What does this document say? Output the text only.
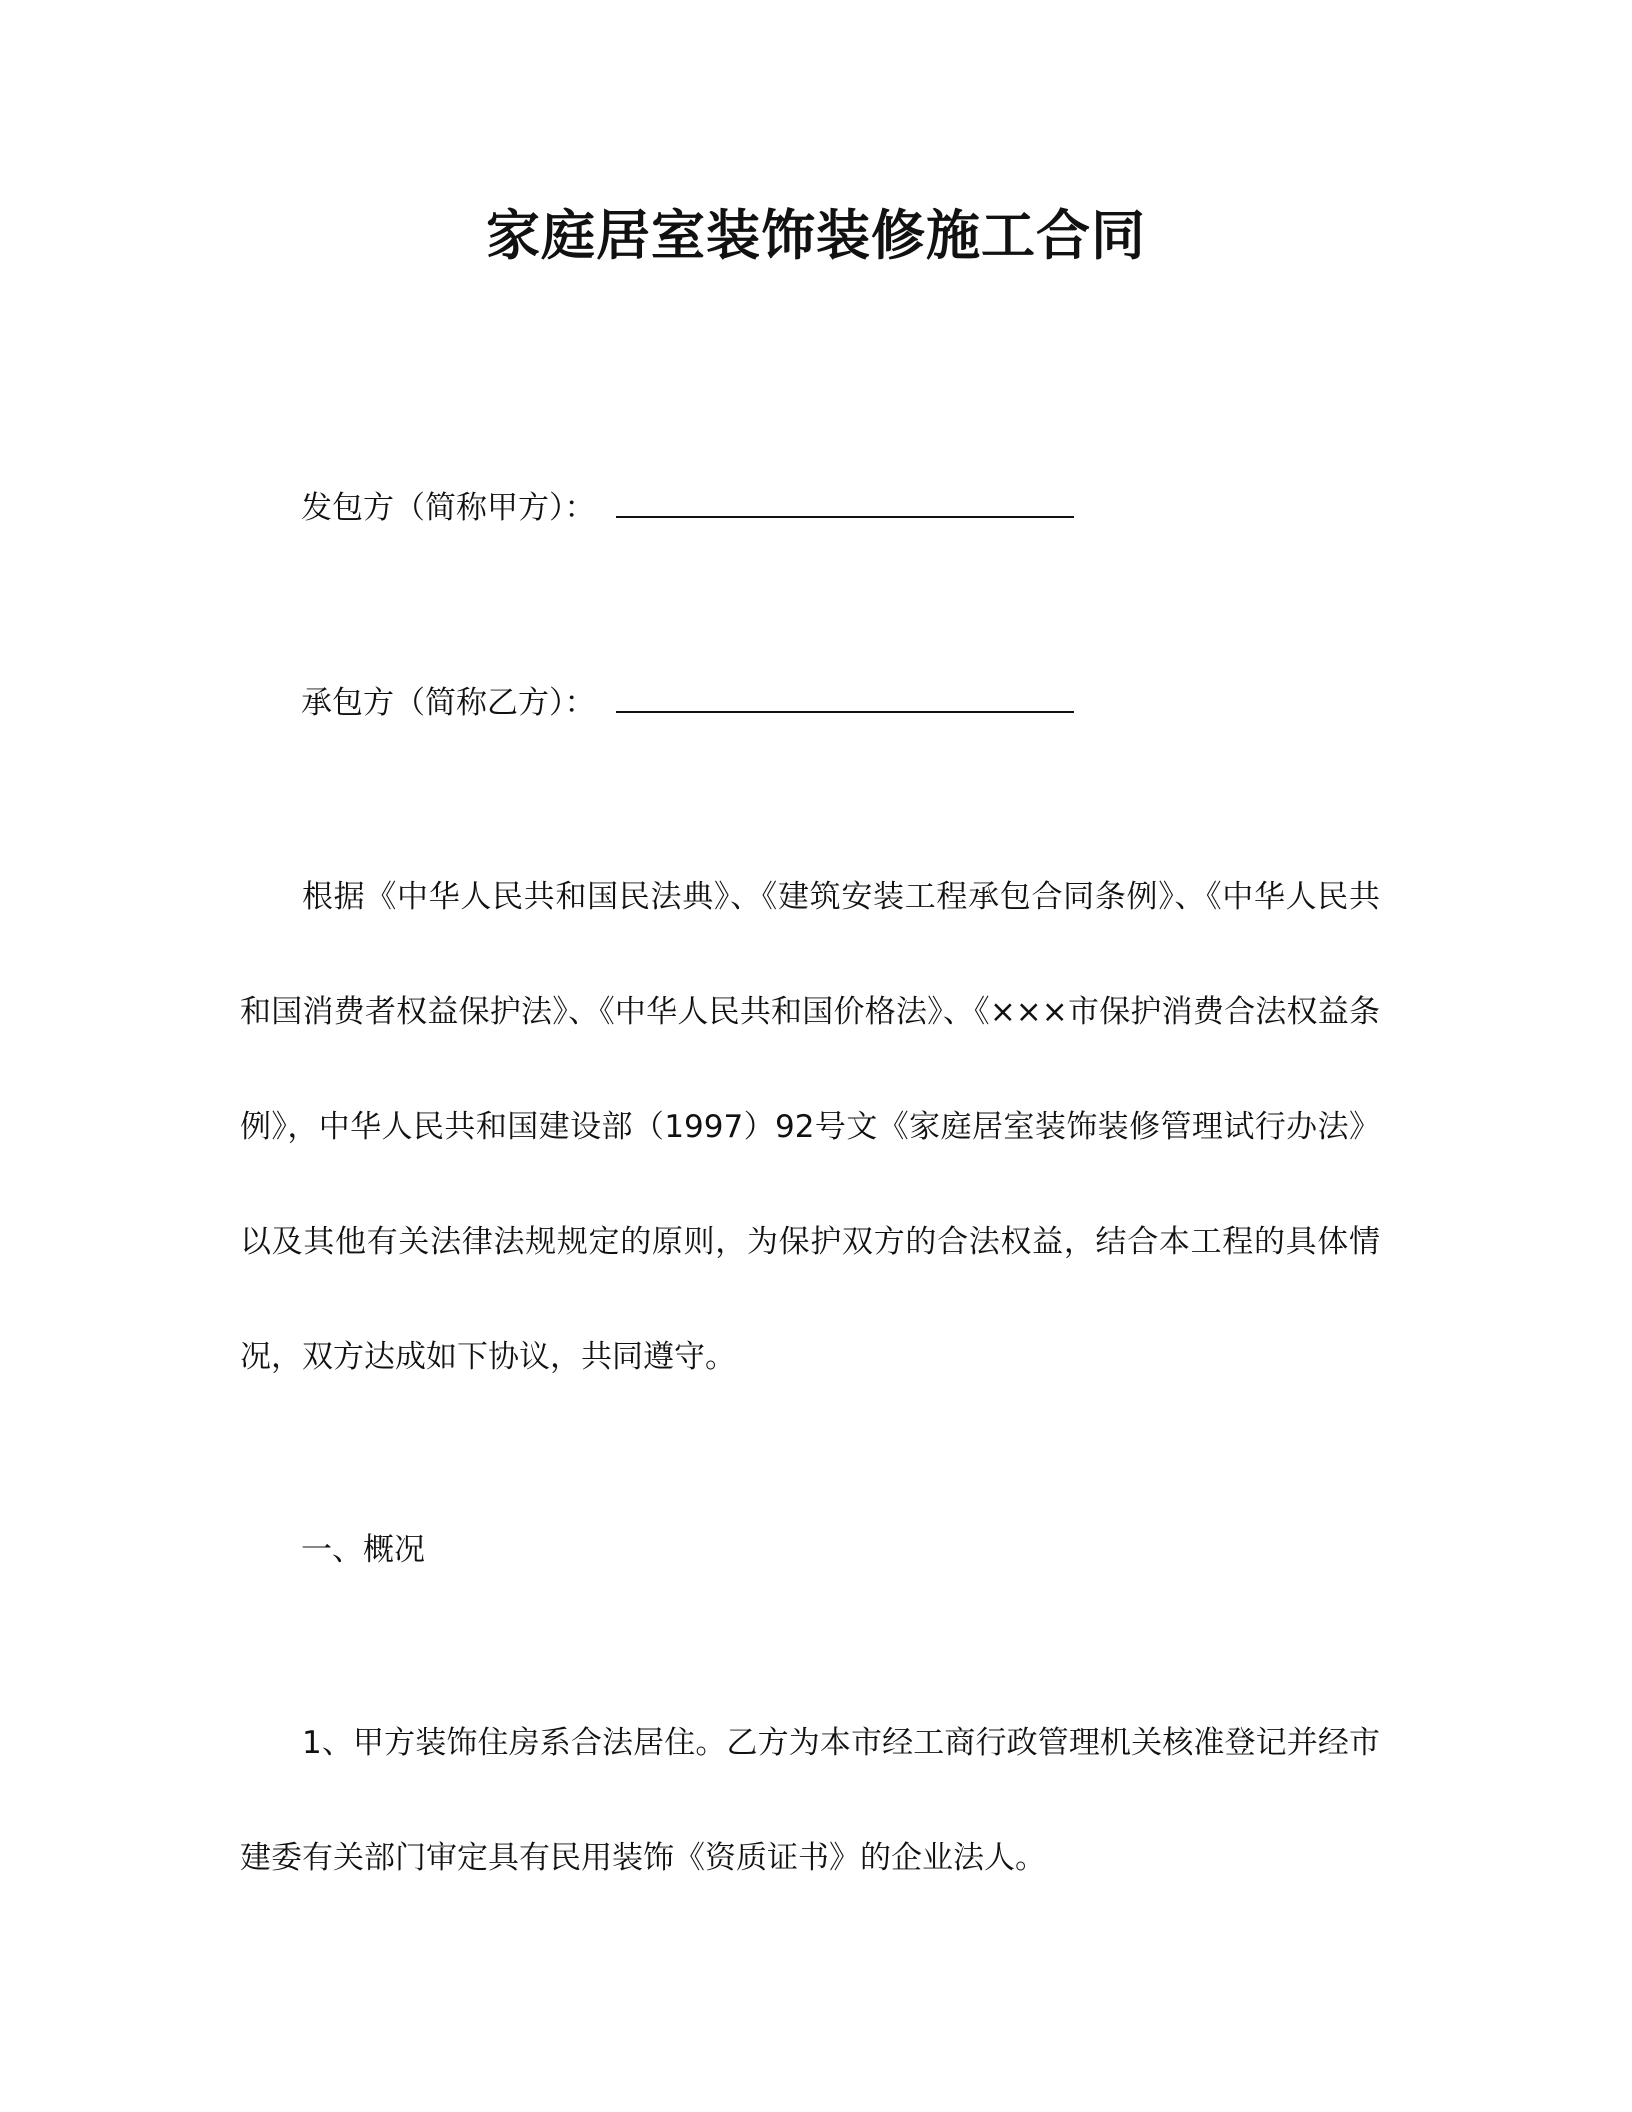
家庭居室装饰装修施工合同
发包方（简称甲方）：
承包方（简称乙方）：

根据《中华人民共和国民法典》、《建筑安装工程承包合同条例》、《中华人民共和国消费者权益保护法》、《中华人民共和国价格法》、《×××市保护消费合法权益条例》，中华人民共和国建设部（1997）92号文《家庭居室装饰装修管理试行办法》以及其他有关法律法规规定的原则，为保护双方的合法权益，结合本工程的具体情况，双方达成如下协议，共同遵守。

一、概况

1、甲方装饰住房系合法居住。乙方为本市经工商行政管理机关核准登记并经市建委有关部门审定具有民用装饰《资质证书》的企业法人。
